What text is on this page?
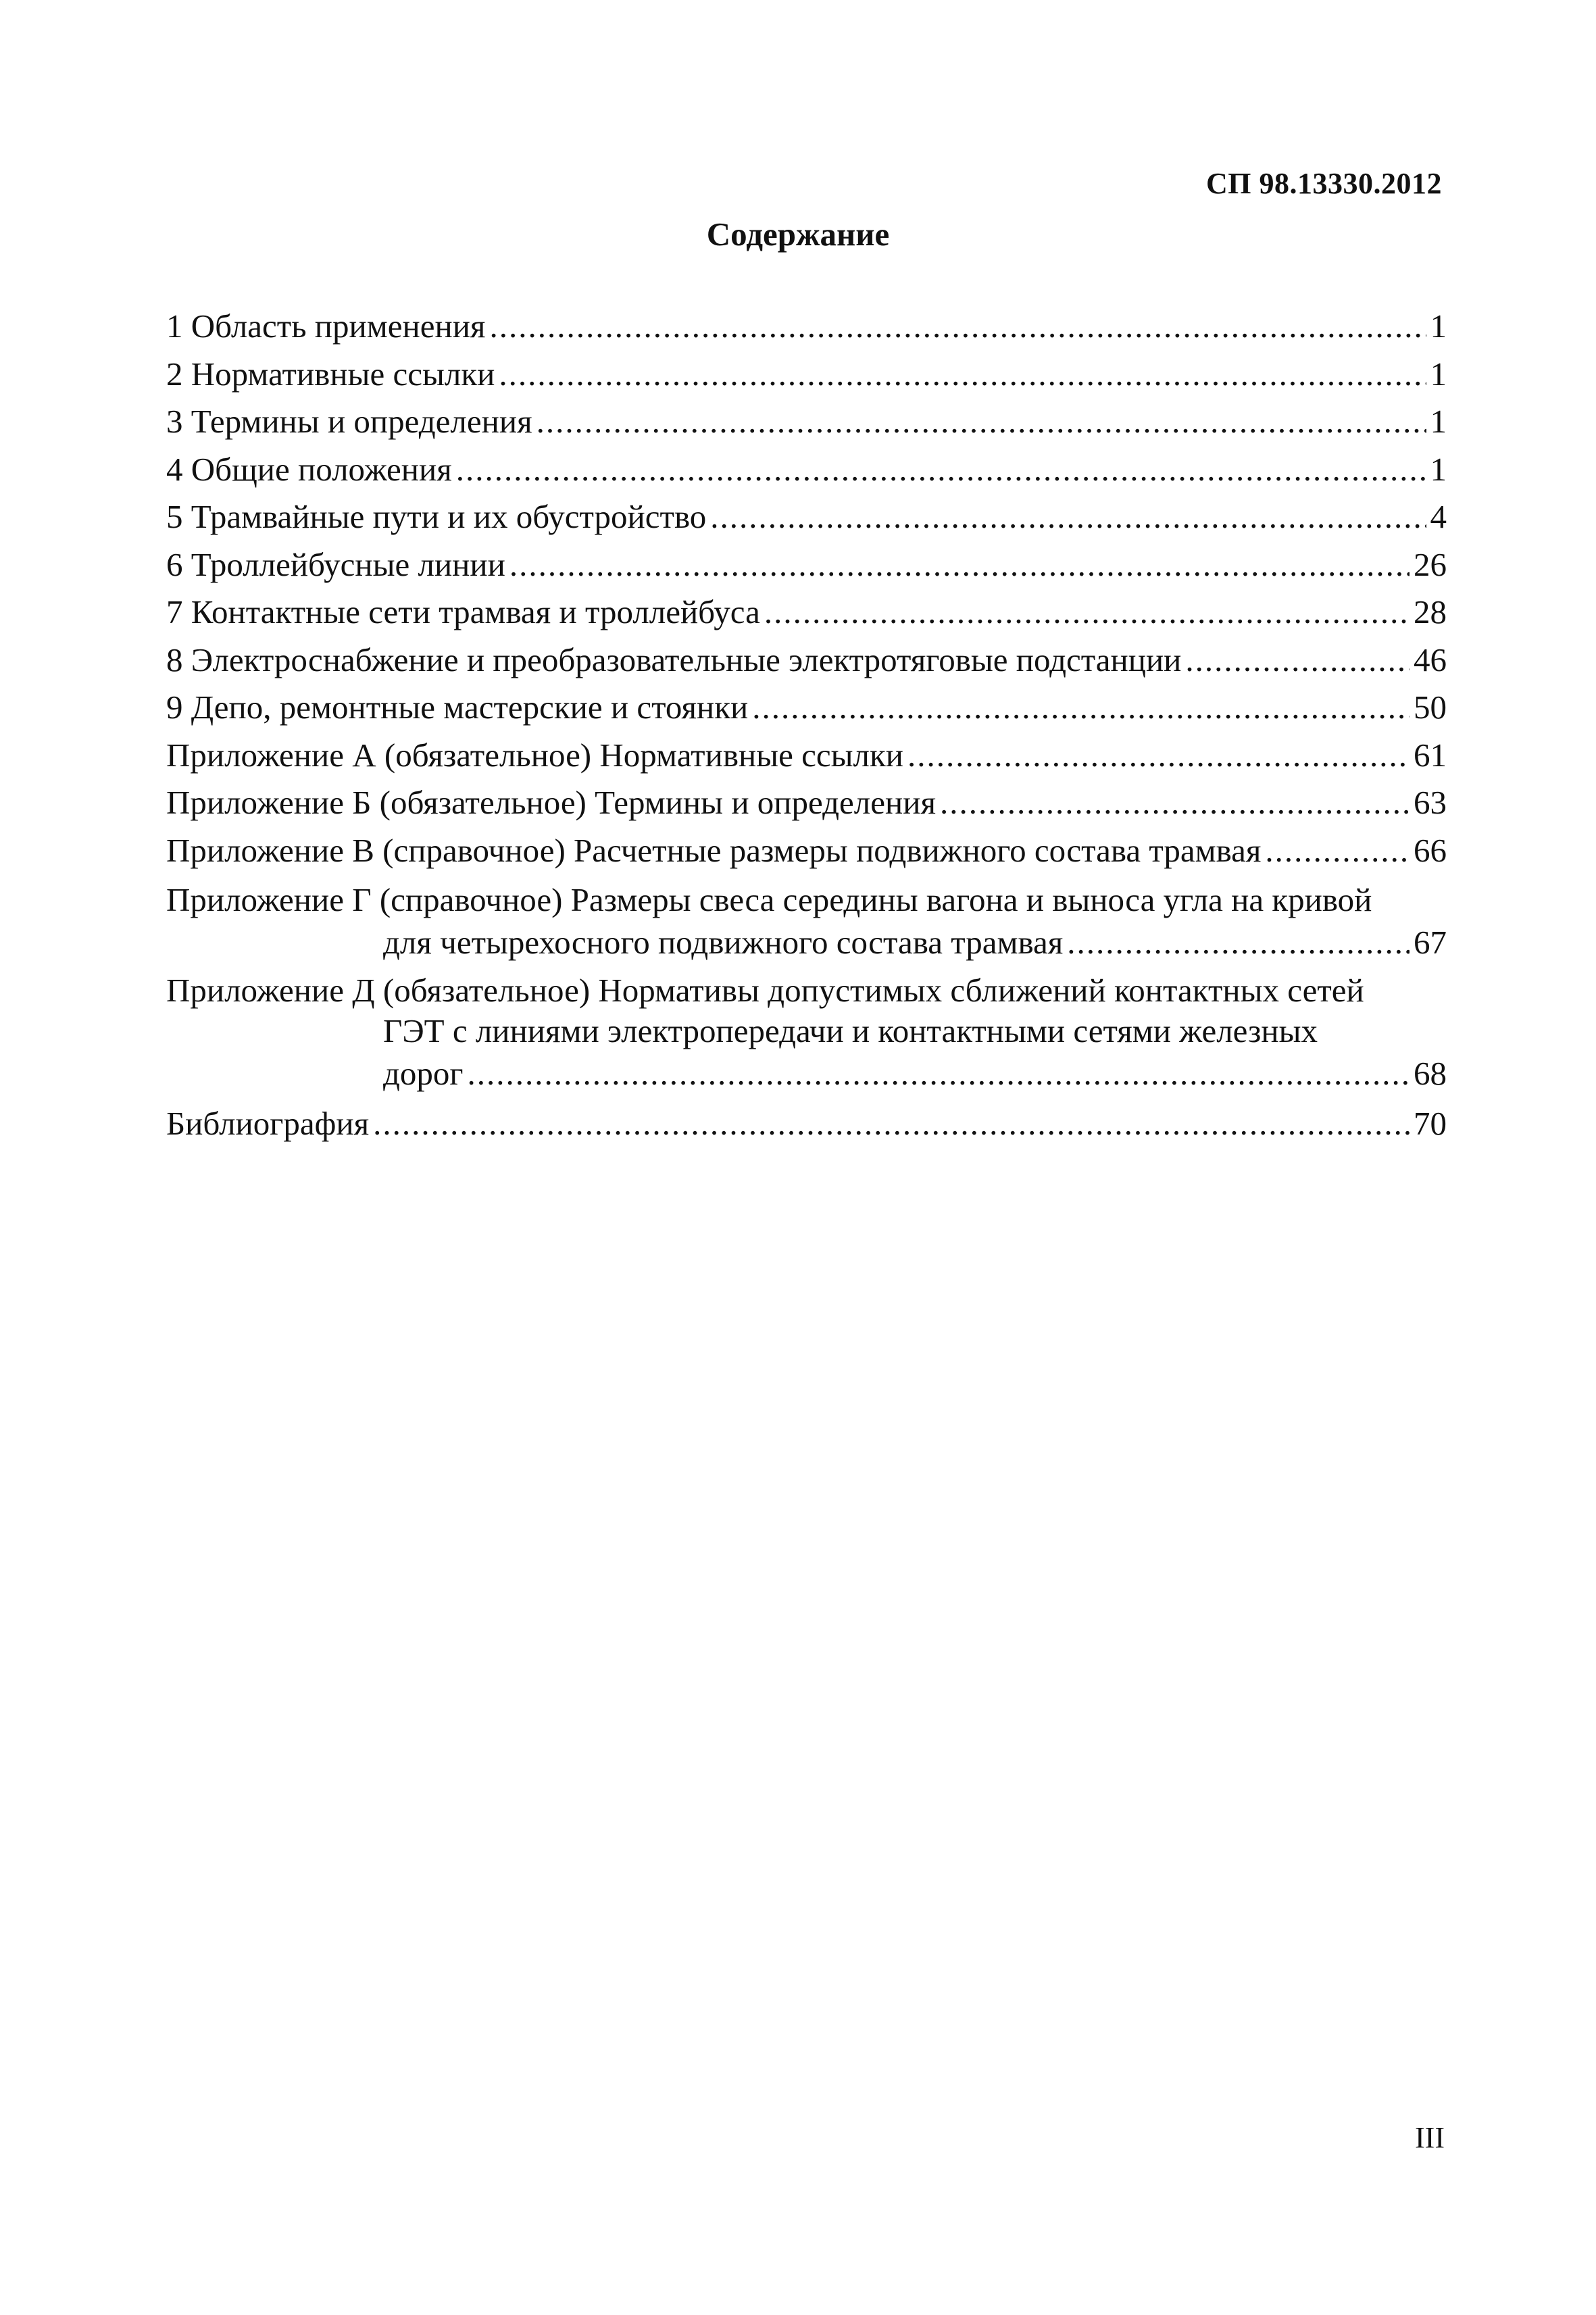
СП 98.13330.2012
Содержание
1 Область применения .....	1
2 Нормативные ссылки .....	1
3 Термины и определения .....	1
4 Общие положения .....	1
5 Трамвайные пути и их обустройство .....	4
6 Троллейбусные линии .....	26
7 Контактные сети трамвая и троллейбуса .....	28
8 Электроснабжение и преобразовательные электротяговые подстанции .....	46
9 Депо, ремонтные мастерские и стоянки .....	50
Приложение А (обязательное) Нормативные ссылки .....	61
Приложение Б (обязательное) Термины и определения .....	63
Приложение В (справочное) Расчетные размеры подвижного состава трамвая .....	66
Приложение Г (справочное) Размеры свеса середины вагона и выноса угла на кривой
для четырехосного подвижного состава трамвая .....	67
Приложение Д (обязательное) Нормативы допустимых сближений контактных сетей
ГЭТ с линиями электропередачи и контактными сетями железных
дорог .....	68
Библиография .....	70
III
